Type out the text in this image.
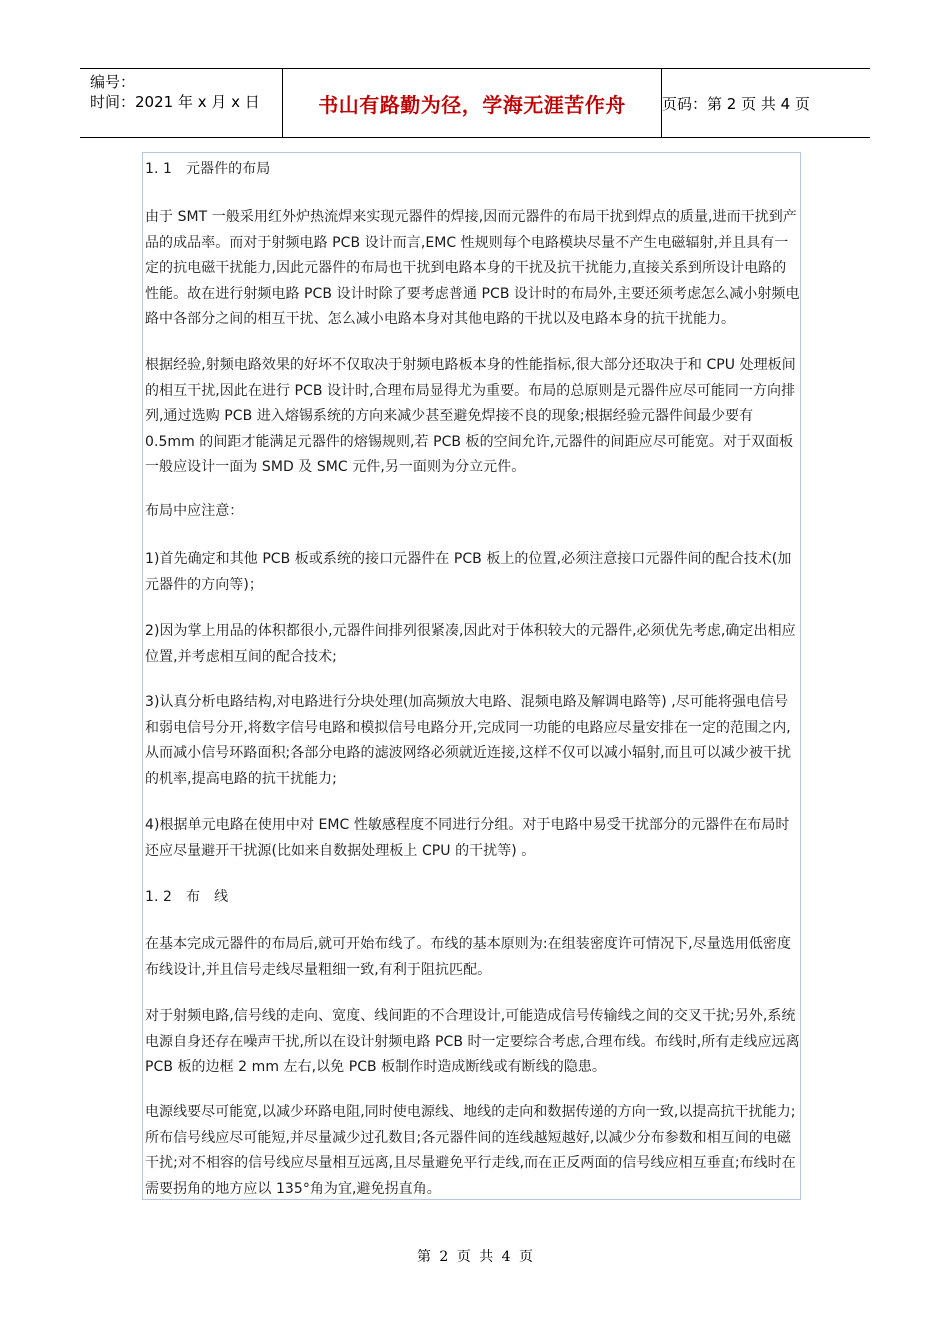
编号：
时间：2021 年 x 月 x 日	书山有路勤为径，学海无涯苦作舟	页码：第 2 页 共 4 页

1. 1　元器件的布局

由于 SMT 一般采用红外炉热流焊来实现元器件的焊接,因而元器件的布局干扰到焊点的质量,进而干扰到产品的成品率。而对于射频电路 PCB 设计而言,EMC 性规则每个电路模块尽量不产生电磁辐射,并且具有一定的抗电磁干扰能力,因此元器件的布局也干扰到电路本身的干扰及抗干扰能力,直接关系到所设计电路的性能。故在进行射频电路 PCB 设计时除了要考虑普通 PCB 设计时的布局外,主要还须考虑怎么减小射频电路中各部分之间的相互干扰、怎么减小电路本身对其他电路的干扰以及电路本身的抗干扰能力。

根据经验,射频电路效果的好坏不仅取决于射频电路板本身的性能指标,很大部分还取决于和 CPU 处理板间的相互干扰,因此在进行 PCB 设计时,合理布局显得尤为重要。布局的总原则是元器件应尽可能同一方向排列,通过选购 PCB 进入熔锡系统的方向来减少甚至避免焊接不良的现象;根据经验元器件间最少要有 0.5mm 的间距才能满足元器件的熔锡规则,若 PCB 板的空间允许,元器件的间距应尽可能宽。对于双面板一般应设计一面为 SMD 及 SMC 元件,另一面则为分立元件。

布局中应注意：

1)首先确定和其他 PCB 板或系统的接口元器件在 PCB 板上的位置,必须注意接口元器件间的配合技术(加元器件的方向等)；

2)因为掌上用品的体积都很小,元器件间排列很紧凑,因此对于体积较大的元器件,必须优先考虑,确定出相应位置,并考虑相互间的配合技术;

3)认真分析电路结构,对电路进行分块处理(加高频放大电路、混频电路及解调电路等) ,尽可能将强电信号和弱电信号分开,将数字信号电路和模拟信号电路分开,完成同一功能的电路应尽量安排在一定的范围之内,从而减小信号环路面积;各部分电路的滤波网络必须就近连接,这样不仅可以减小辐射,而且可以减少被干扰的机率,提高电路的抗干扰能力;

4)根据单元电路在使用中对 EMC 性敏感程度不同进行分组。对于电路中易受干扰部分的元器件在布局时还应尽量避开干扰源(比如来自数据处理板上 CPU 的干扰等) 。

1. 2　布　线

在基本完成元器件的布局后,就可开始布线了。布线的基本原则为:在组装密度许可情况下,尽量选用低密度布线设计,并且信号走线尽量粗细一致,有利于阻抗匹配。

对于射频电路,信号线的走向、宽度、线间距的不合理设计,可能造成信号传输线之间的交叉干扰;另外,系统电源自身还存在噪声干扰,所以在设计射频电路 PCB 时一定要综合考虑,合理布线。布线时,所有走线应远离 PCB 板的边框 2 mm 左右,以免 PCB 板制作时造成断线或有断线的隐患。

电源线要尽可能宽,以减少环路电阻,同时使电源线、地线的走向和数据传递的方向一致,以提高抗干扰能力;所布信号线应尽可能短,并尽量减少过孔数目;各元器件间的连线越短越好,以减少分布参数和相互间的电磁干扰;对不相容的信号线应尽量相互远离,且尽量避免平行走线,而在正反两面的信号线应相互垂直;布线时在需要拐角的地方应以 135°角为宜,避免拐直角。

第 2 页 共 4 页
